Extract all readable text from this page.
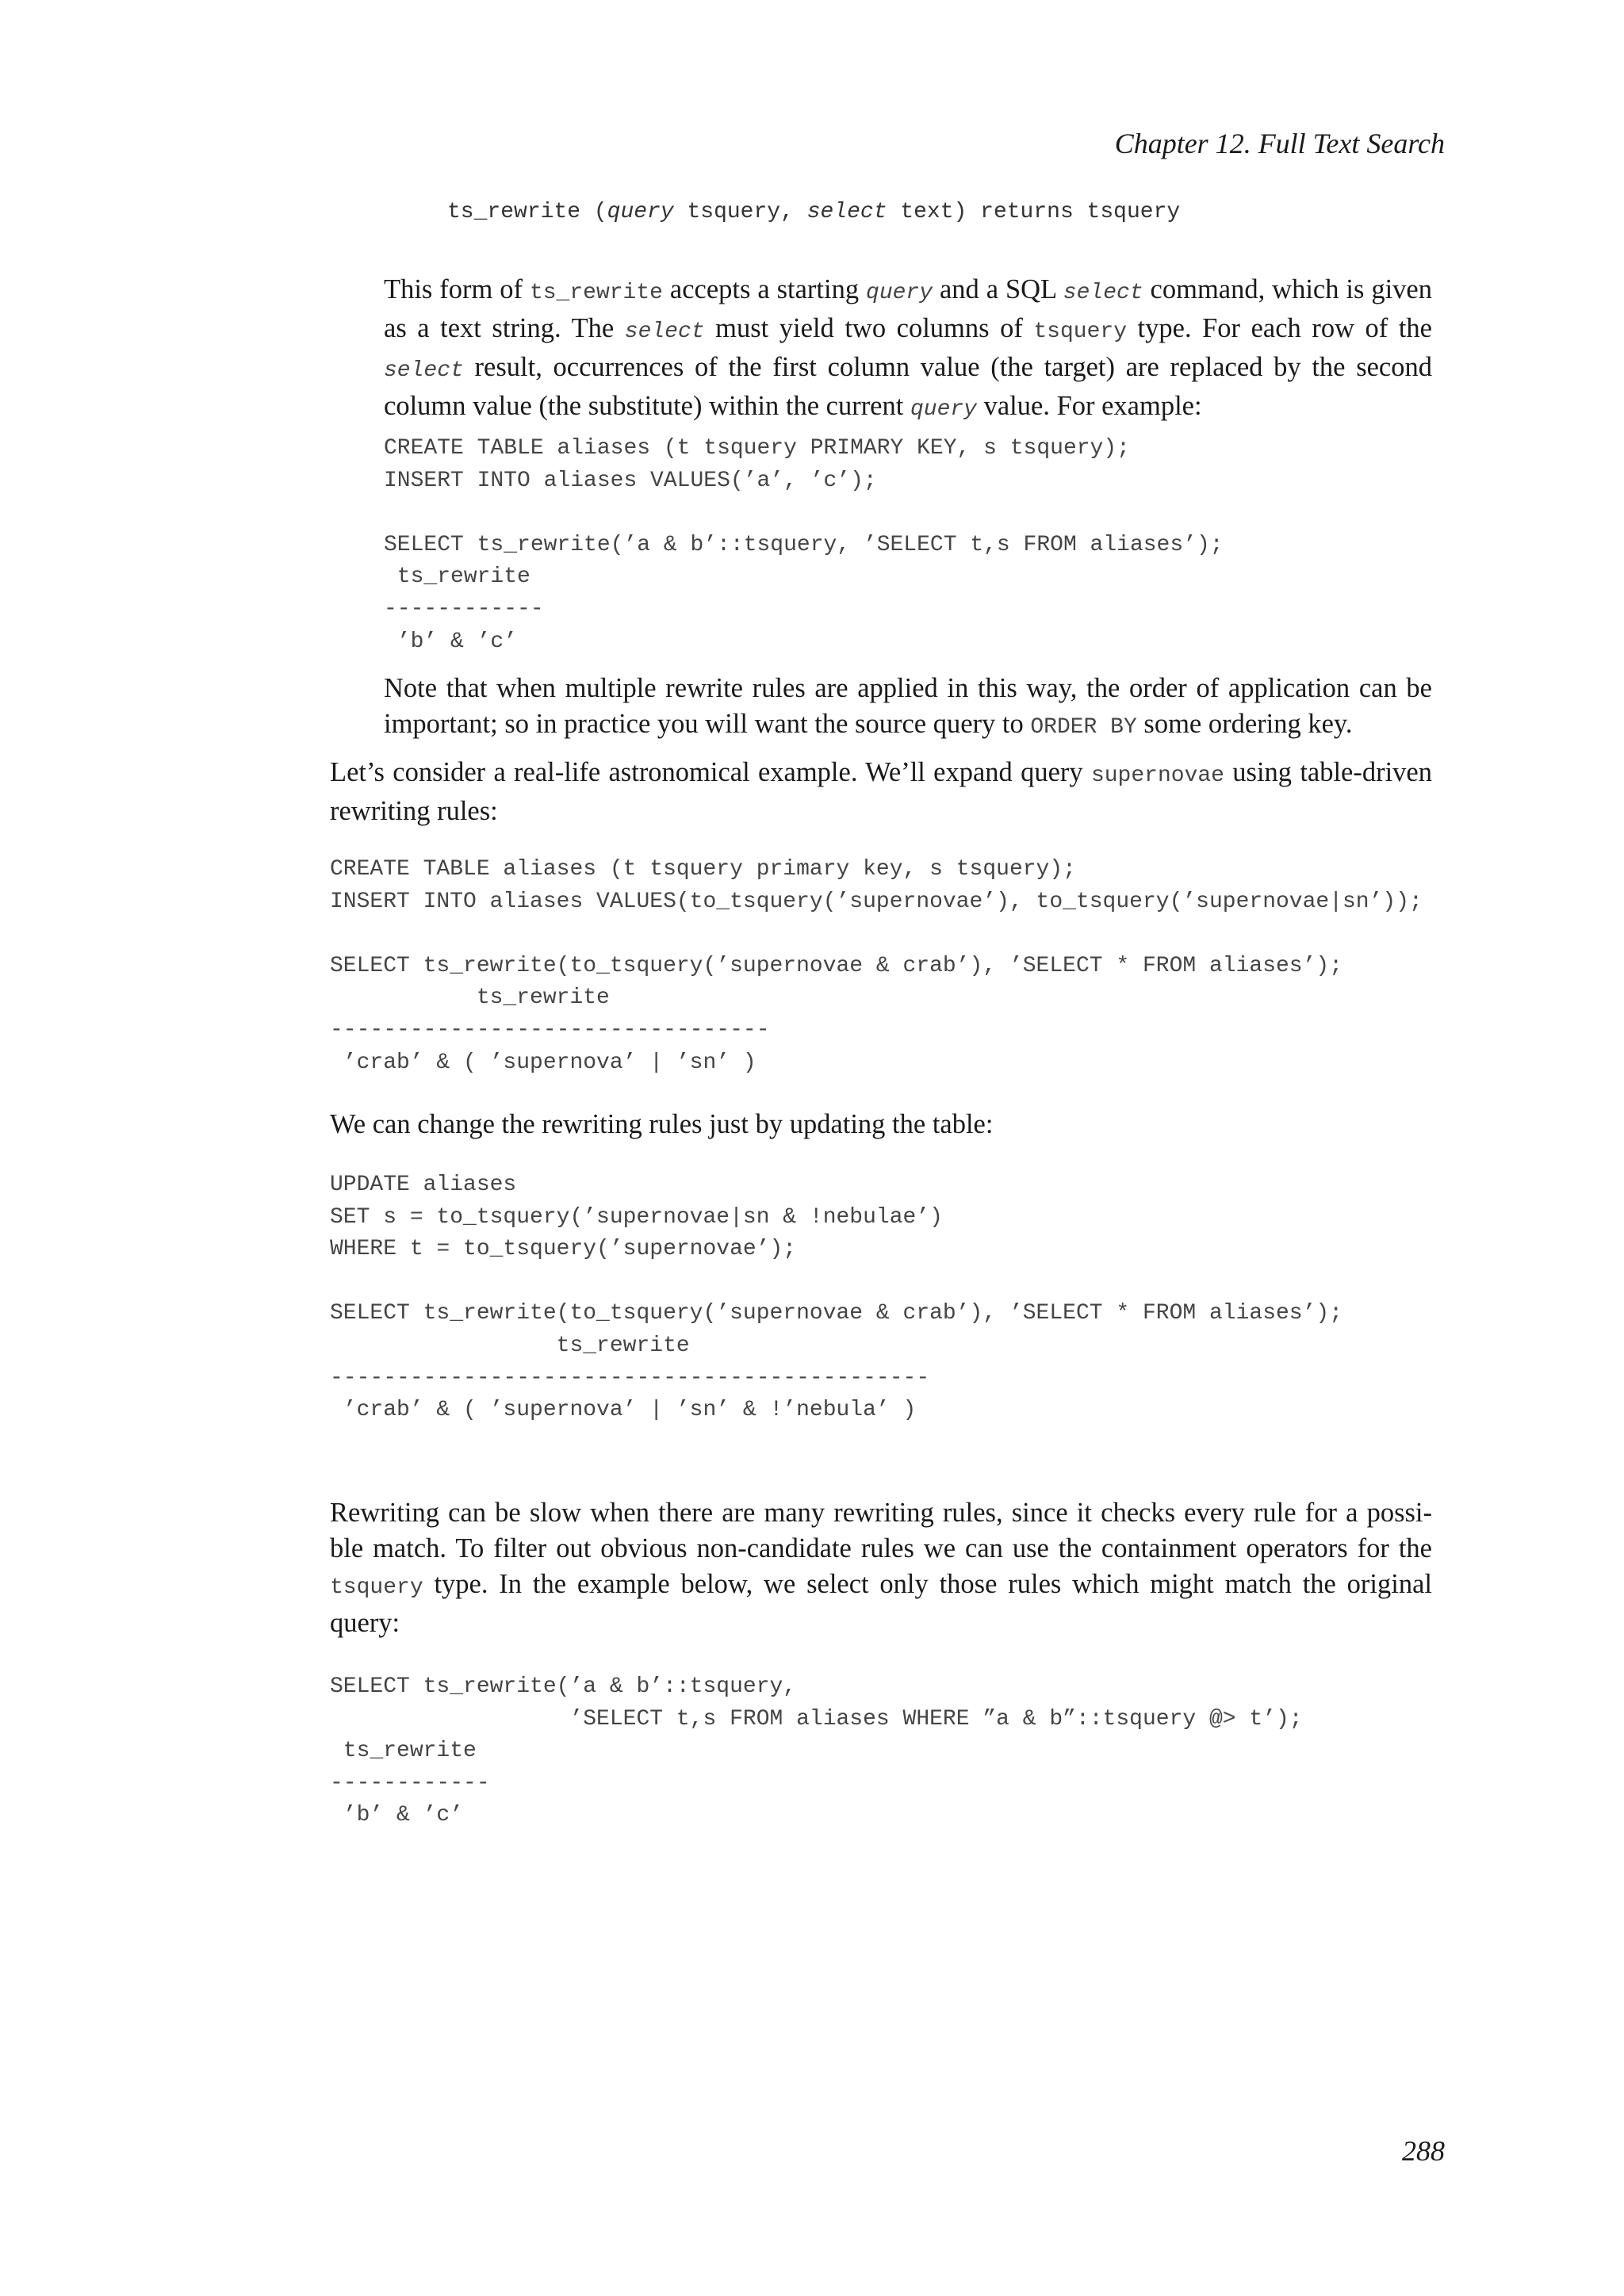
Chapter 12. Full Text Search
ts_rewrite (query tsquery, select text) returns tsquery
This form of ts_rewrite accepts a starting query and a SQL select command, which is given as a text string. The select must yield two columns of tsquery type. For each row of the select result, occurrences of the first column value (the target) are replaced by the second column value (the substitute) within the current query value. For example:
CREATE TABLE aliases (t tsquery PRIMARY KEY, s tsquery);
INSERT INTO aliases VALUES(’a’, ’c’);

SELECT ts_rewrite(’a & b’::tsquery, ’SELECT t,s FROM aliases’);
ts_rewrite
------------
’b’ & ’c’
Note that when multiple rewrite rules are applied in this way, the order of application can be important; so in practice you will want the source query to ORDER BY some ordering key.
Let’s consider a real-life astronomical example. We’ll expand query supernovae using table-driven rewriting rules:
CREATE TABLE aliases (t tsquery primary key, s tsquery);
INSERT INTO aliases VALUES(to_tsquery(’supernovae’), to_tsquery(’supernovae|sn’));

SELECT ts_rewrite(to_tsquery(’supernovae & crab’), ’SELECT * FROM aliases’);
ts_rewrite
---------------------------------
’crab’ & ( ’supernova’ | ’sn’ )
We can change the rewriting rules just by updating the table:
UPDATE aliases
SET s = to_tsquery(’supernovae|sn & !nebulae’)
WHERE t = to_tsquery(’supernovae’);

SELECT ts_rewrite(to_tsquery(’supernovae & crab’), ’SELECT * FROM aliases’);
ts_rewrite
---------------------------------------------
’crab’ & ( ’supernova’ | ’sn’ & !’nebula’ )
Rewriting can be slow when there are many rewriting rules, since it checks every rule for a possi- ble match. To filter out obvious non-candidate rules we can use the containment operators for the tsquery type. In the example below, we select only those rules which might match the original query:
SELECT ts_rewrite(’a & b’::tsquery,
’SELECT t,s FROM aliases WHERE ”a & b”::tsquery @> t’);
ts_rewrite
------------
’b’ & ’c’
288
